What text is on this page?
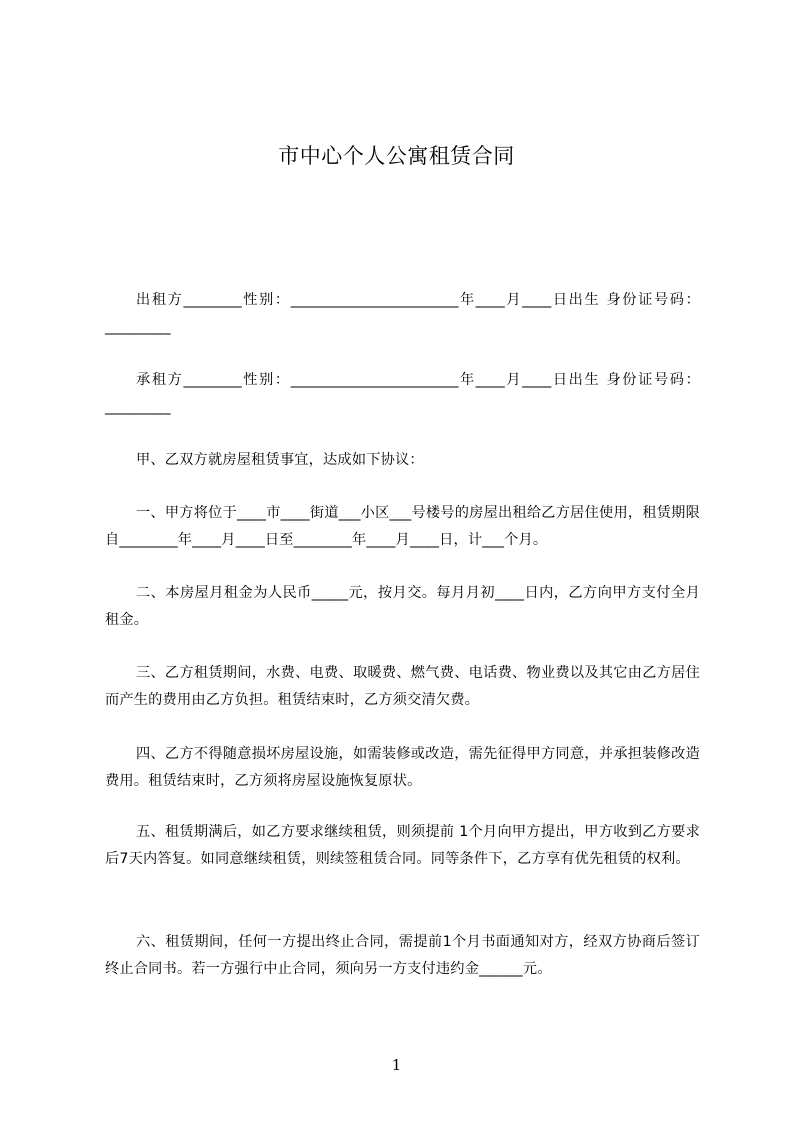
市中心个人公寓租赁合同

出租方________性别：_______________________年____月____日出生 身份证号码：_________

承租方________性别：_______________________年____月____日出生 身份证号码：_________

甲、乙双方就房屋租赁事宜，达成如下协议：

一、甲方将位于____市____街道___小区___号楼号的房屋出租给乙方居住使用，租赁期限自________年____月____日至________年____月____日，计___个月。

二、本房屋月租金为人民币_____元，按月交。每月月初____日内，乙方向甲方支付全月租金。

三、乙方租赁期间，水费、电费、取暖费、燃气费、电话费、物业费以及其它由乙方居住而产生的费用由乙方负担。租赁结束时，乙方须交清欠费。

四、乙方不得随意损坏房屋设施，如需装修或改造，需先征得甲方同意，并承担装修改造费用。租赁结束时，乙方须将房屋设施恢复原状。

五、租赁期满后，如乙方要求继续租赁，则须提前 1个月向甲方提出，甲方收到乙方要求后7天内答复。如同意继续租赁，则续签租赁合同。同等条件下，乙方享有优先租赁的权利。

六、租赁期间，任何一方提出终止合同，需提前1个月书面通知对方，经双方协商后签订终止合同书。若一方强行中止合同，须向另一方支付违约金______元。

1
